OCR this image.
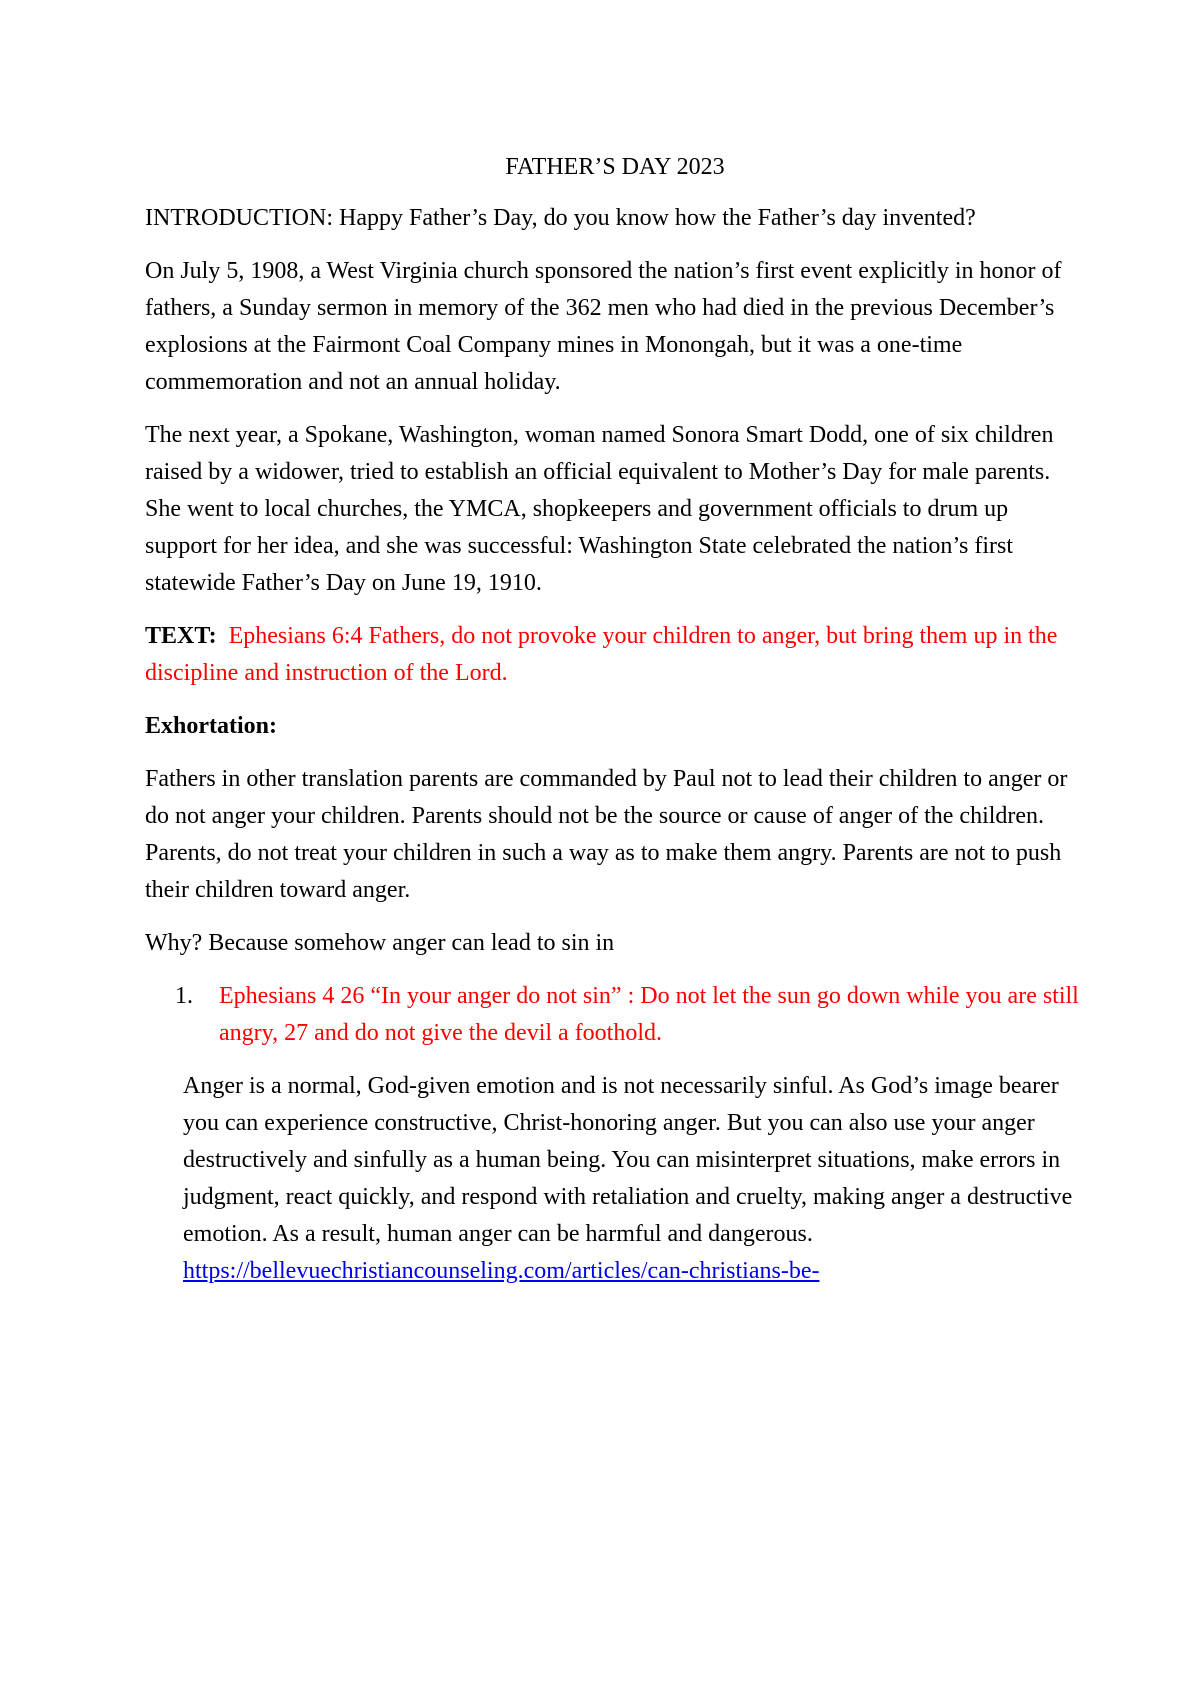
FATHER’S DAY 2023

INTRODUCTION: Happy Father’s Day, do you know how the Father’s day invented?

On July 5, 1908, a West Virginia church sponsored the nation’s first event explicitly in honor of fathers, a Sunday sermon in memory of the 362 men who had died in the previous December’s explosions at the Fairmont Coal Company mines in Monongah, but it was a one-time commemoration and not an annual holiday.

The next year, a Spokane, Washington, woman named Sonora Smart Dodd, one of six children raised by a widower, tried to establish an official equivalent to Mother’s Day for male parents. She went to local churches, the YMCA, shopkeepers and government officials to drum up support for her idea, and she was successful: Washington State celebrated the nation’s first statewide Father’s Day on June 19, 1910.

TEXT: Ephesians 6:4 Fathers, do not provoke your children to anger, but bring them up in the discipline and instruction of the Lord.

Exhortation:

Fathers in other translation parents are commanded by Paul not to lead their children to anger or do not anger your children. Parents should not be the source or cause of anger of the children. Parents, do not treat your children in such a way as to make them angry. Parents are not to push their children toward anger.

Why? Because somehow anger can lead to sin in

1. Ephesians 4 26 “In your anger do not sin” : Do not let the sun go down while you are still angry, 27 and do not give the devil a foothold.

Anger is a normal, God-given emotion and is not necessarily sinful. As God’s image bearer you can experience constructive, Christ-honoring anger. But you can also use your anger destructively and sinfully as a human being. You can misinterpret situations, make errors in judgment, react quickly, and respond with retaliation and cruelty, making anger a destructive emotion. As a result, human anger can be harmful and dangerous.
https://bellevuechristiancounseling.com/articles/can-christians-be-
